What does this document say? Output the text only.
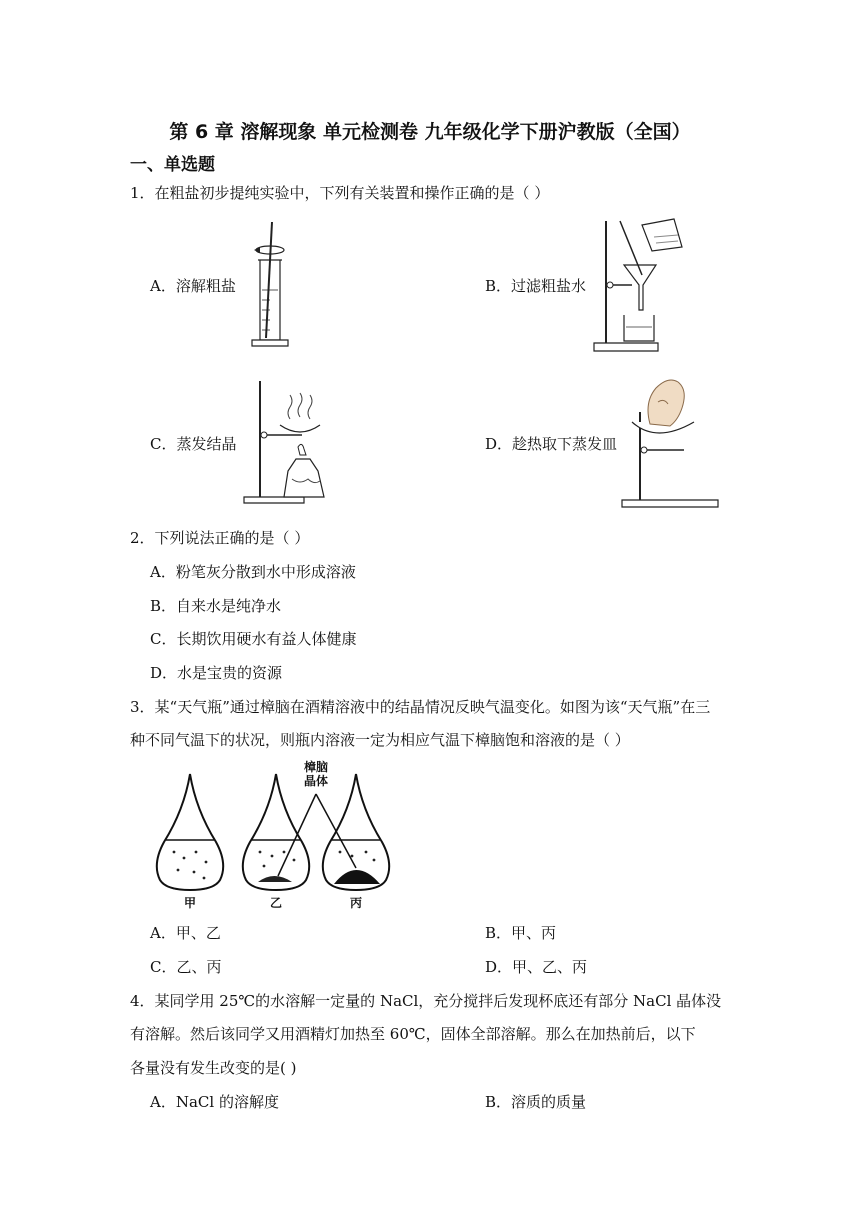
第 6 章 溶解现象 单元检测卷 九年级化学下册沪教版（全国）
一、单选题
1．在粗盐初步提纯实验中，下列有关装置和操作正确的是（ ）
A．溶解粗盐	B．过滤粗盐水
C．蒸发结晶	D．趁热取下蒸发皿
2．下列说法正确的是（ ）
A．粉笔灰分散到水中形成溶液
B．自来水是纯净水
C．长期饮用硬水有益人体健康
D．水是宝贵的资源
3．某“天气瓶”通过樟脑在酒精溶液中的结晶情况反映气温变化。如图为该“天气瓶”在三
种不同气温下的状况，则瓶内溶液一定为相应气温下樟脑饱和溶液的是（ ）
樟脑
晶体
甲	乙	丙
A．甲、乙	B．甲、丙
C．乙、丙	D．甲、乙、丙
4．某同学用 25℃的水溶解一定量的 NaCl，充分搅拌后发现杯底还有部分 NaCl 晶体没
有溶解。然后该同学又用酒精灯加热至 60℃，固体全部溶解。那么在加热前后，以下
各量没有发生改变的是( )
A．NaCl 的溶解度	B．溶质的质量
